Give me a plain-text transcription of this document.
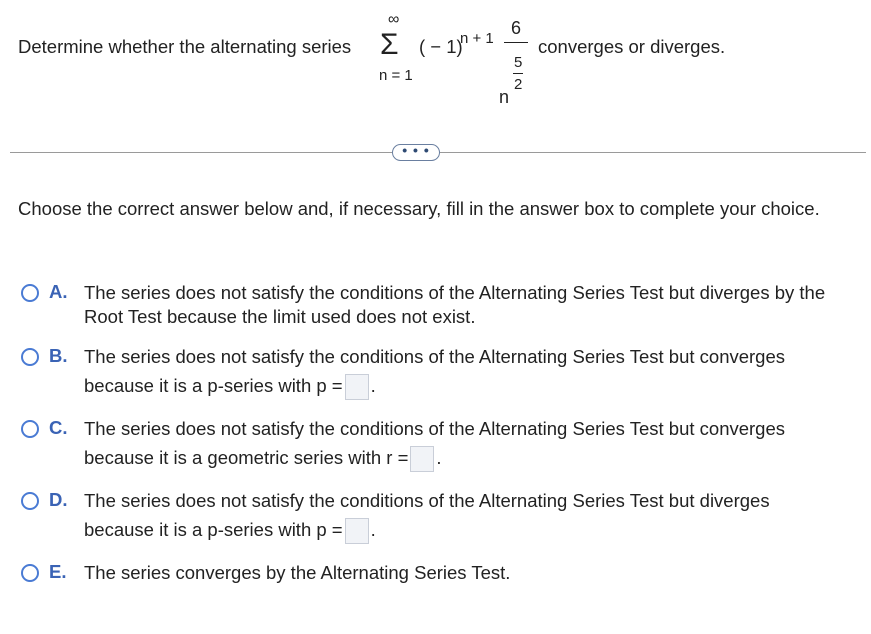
Determine whether the alternating series
∞
Σ
n = 1
( − 1)
n + 1
6
5
2
n
converges or diverges.
• • •
Choose the correct answer below and, if necessary, fill in the answer box to complete your choice.
A. The series does not satisfy the conditions of the Alternating Series Test but diverges by the Root Test because the limit used does not exist.
B. The series does not satisfy the conditions of the Alternating Series Test but converges because it is a p-series with p = .
C. The series does not satisfy the conditions of the Alternating Series Test but converges because it is a geometric series with r = .
D. The series does not satisfy the conditions of the Alternating Series Test but diverges because it is a p-series with p = .
E. The series converges by the Alternating Series Test.
